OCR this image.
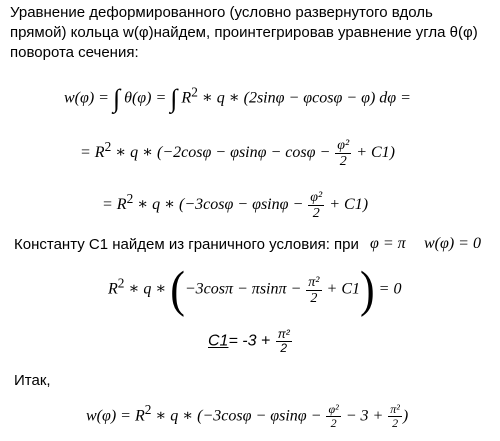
Уравнение деформированного (условно развернутого вдоль
прямой) кольца w(φ)найдем, проинтегрировав уравнение угла θ(φ)
поворота сечения:
w(φ) = ∫ θ(φ) = ∫ $R^2$ ∗ q ∗ (2sinφ − φcosφ − φ) dφ =
= $R^2$ ∗ q ∗ $(-2\cos\varphi - \varphi\sin\varphi - \cos\varphi - \frac{\text{φ²}}{2} + C1)$
= $R^2$ ∗ q ∗ $(-3\cos\varphi - \varphi\sin\varphi - \frac{\text{φ²}}{2} + C1)$
Константу С1 найдем из граничного условия: при φ = π w(φ) = 0
$R^2$ ∗ q ∗ $(-3\cos\pi - \pi\sin\pi - \frac{\text{π²}}{2} + C1) = 0$
$C1= -3 + \frac{\text{π²}}{2}$
Итак,
$w(\varphi) = R^2$ ∗ q ∗ ($-3\cos\varphi - \varphi\sin\varphi - \frac{\text{φ²}}{2} - 3 + \frac{\text{π²}}{2}$ )
